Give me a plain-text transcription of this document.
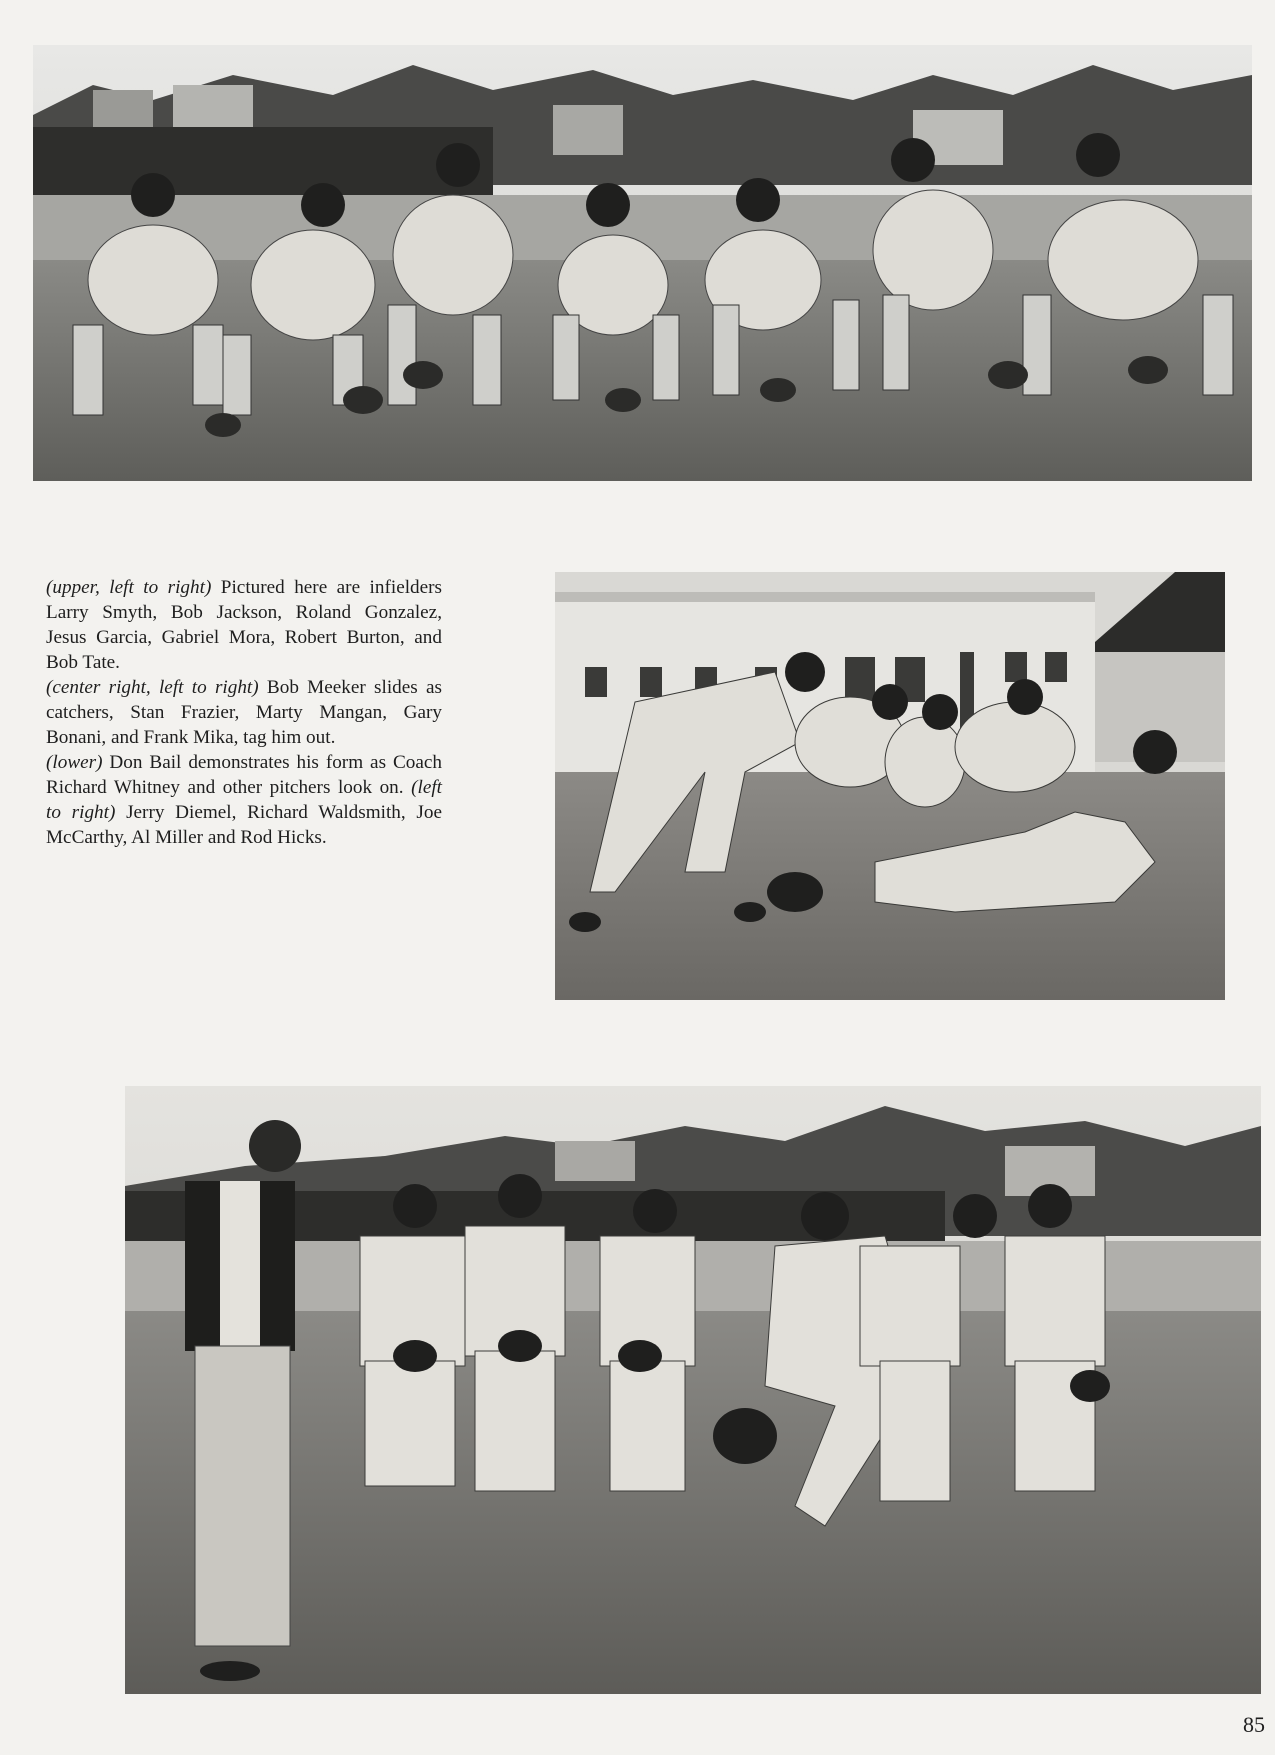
(upper, left to right) Pictured here are infielders Larry Smyth, Bob Jackson, Roland Gonzalez, Jesus Garcia, Gabriel Mora, Robert Burton, and Bob Tate.

(center right, left to right) Bob Meeker slides as catchers, Stan Frazier, Marty Mangan, Gary Bonani, and Frank Mika, tag him out.

(lower) Don Bail demonstrates his form as Coach Richard Whitney and other pitchers look on. (left to right) Jerry Diemel, Richard Waldsmith, Joe McCarthy, Al Miller and Rod Hicks.

85
